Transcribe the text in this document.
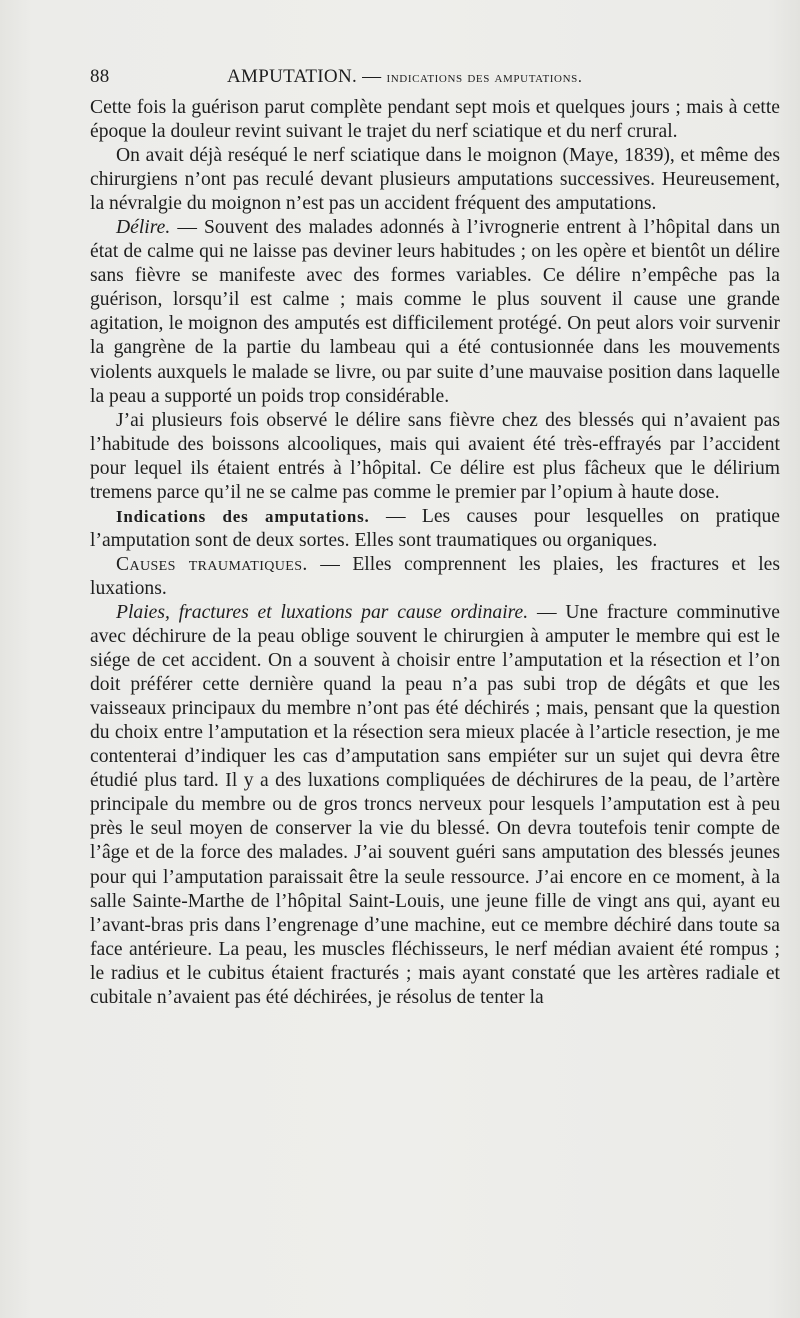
88	AMPUTATION. — indications des amputations.

Cette fois la guérison parut complète pendant sept mois et quelques jours ; mais à cette époque la douleur revint suivant le trajet du nerf sciatique et du nerf crural.

On avait déjà reséqué le nerf sciatique dans le moignon (Maye, 1839), et même des chirurgiens n’ont pas reculé devant plusieurs amputations successives. Heureusement, la névralgie du moignon n’est pas un accident fréquent des amputations.

Délire. — Souvent des malades adonnés à l’ivrognerie entrent à l’hôpital dans un état de calme qui ne laisse pas deviner leurs habitudes ; on les opère et bientôt un délire sans fièvre se manifeste avec des formes variables. Ce délire n’empêche pas la guérison, lorsqu’il est calme ; mais comme le plus souvent il cause une grande agitation, le moignon des amputés est difficilement protégé. On peut alors voir survenir la gangrène de la partie du lambeau qui a été contusionnée dans les mouvements violents auxquels le malade se livre, ou par suite d’une mauvaise position dans laquelle la peau a supporté un poids trop considérable.

J’ai plusieurs fois observé le délire sans fièvre chez des blessés qui n’avaient pas l’habitude des boissons alcooliques, mais qui avaient été très-effrayés par l’accident pour lequel ils étaient entrés à l’hôpital. Ce délire est plus fâcheux que le délirium tremens parce qu’il ne se calme pas comme le premier par l’opium à haute dose.

Indications des amputations. — Les causes pour lesquelles on pratique l’amputation sont de deux sortes. Elles sont traumatiques ou organiques.

Causes traumatiques. — Elles comprennent les plaies, les fractures et les luxations.

Plaies, fractures et luxations par cause ordinaire. — Une fracture comminutive avec déchirure de la peau oblige souvent le chirurgien à amputer le membre qui est le siége de cet accident. On a souvent à choisir entre l’amputation et la résection et l’on doit préférer cette dernière quand la peau n’a pas subi trop de dégâts et que les vaisseaux principaux du membre n’ont pas été déchirés ; mais, pensant que la question du choix entre l’amputation et la résection sera mieux placée à l’article resection, je me contenterai d’indiquer les cas d’amputation sans empiéter sur un sujet qui devra être étudié plus tard. Il y a des luxations compliquées de déchirures de la peau, de l’artère principale du membre ou de gros troncs nerveux pour lesquels l’amputation est à peu près le seul moyen de conserver la vie du blessé. On devra toutefois tenir compte de l’âge et de la force des malades. J’ai souvent guéri sans amputation des blessés jeunes pour qui l’amputation paraissait être la seule ressource. J’ai encore en ce moment, à la salle Sainte-Marthe de l’hôpital Saint-Louis, une jeune fille de vingt ans qui, ayant eu l’avant-bras pris dans l’engrenage d’une machine, eut ce membre déchiré dans toute sa face antérieure. La peau, les muscles fléchisseurs, le nerf médian avaient été rompus ; le radius et le cubitus étaient fracturés ; mais ayant constaté que les artères radiale et cubitale n’avaient pas été déchirées, je résolus de tenter la
